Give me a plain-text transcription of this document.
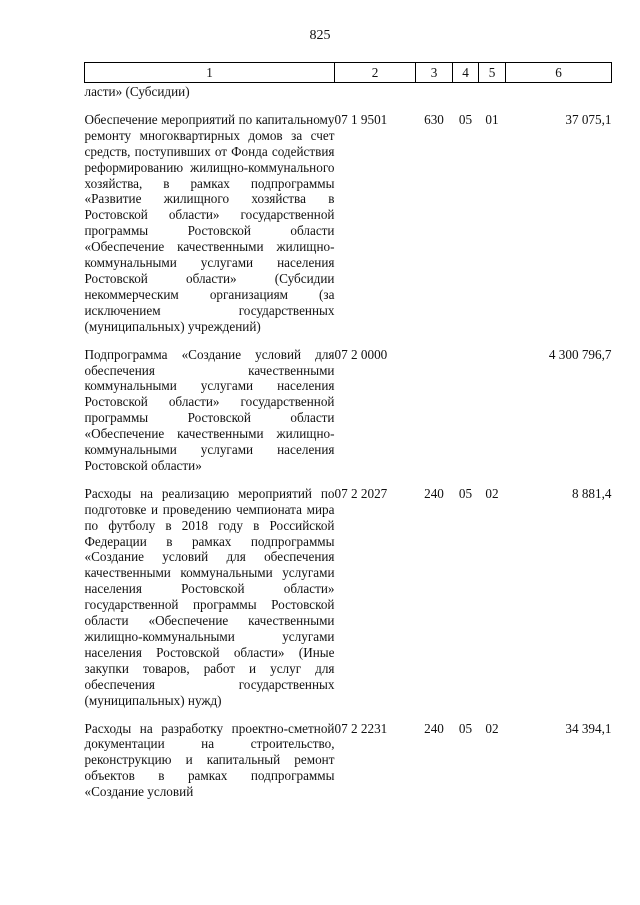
825
1	2	3	4	5	6
ласти» (Субсидии)					
Обеспечение мероприятий по капитальному ремонту многоквартирных домов за счет средств, поступивших от Фонда содействия реформированию жилищно-коммунального хозяйства, в рамках подпрограммы «Развитие жилищного хозяйства в Ростовской области» государственной программы Ростовской области «Обеспечение качественными жилищно-коммунальными услугами населения Ростовской области» (Субсидии некоммерческим организациям (за исключением государственных (муниципальных) учреждений)	07 1 9501	630	05	01	37 075,1
Подпрограмма «Создание условий для обеспечения качественными коммунальными услугами населения Ростовской области» государственной программы Ростовской области «Обеспечение качественными жилищно-коммунальными услугами населения Ростовской области»	07 2 0000				4 300 796,7
Расходы на реализацию мероприятий по подготовке и проведению чемпионата мира по футболу в 2018 году в Российской Федерации в рамках подпрограммы «Создание условий для обеспечения качественными коммунальными услугами населения Ростовской области» государственной программы Ростовской области «Обеспечение качественными жилищно-коммунальными услугами населения Ростовской области» (Иные закупки товаров, работ и услуг для обеспечения государственных (муниципальных) нужд)	07 2 2027	240	05	02	8 881,4
Расходы на разработку проектно-сметной документации на строительство, реконструкцию и капитальный ремонт объектов в рамках подпрограммы «Создание условий	07 2 2231	240	05	02	34 394,1
